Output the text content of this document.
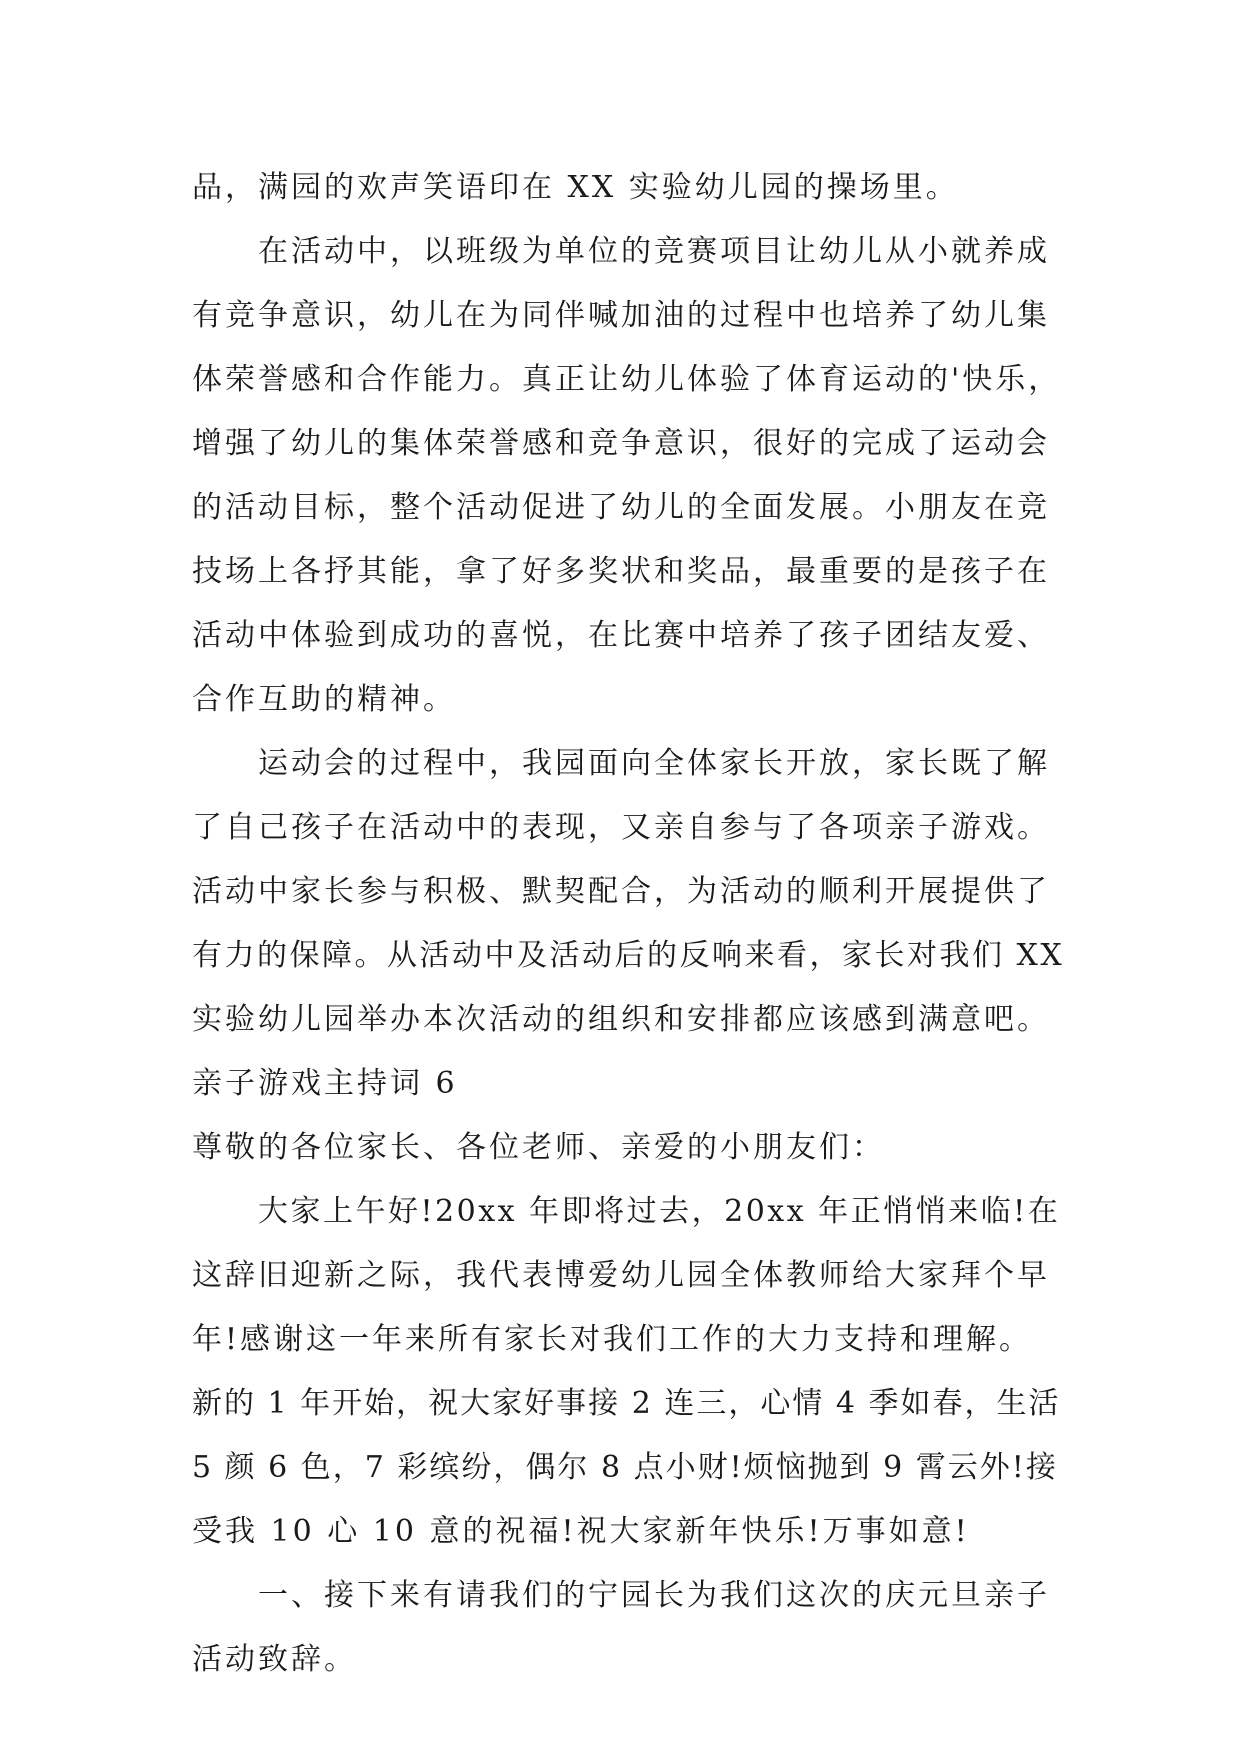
品，满园的欢声笑语印在 XX 实验幼儿园的操场里。
在活动中，以班级为单位的竞赛项目让幼儿从小就养成
有竞争意识，幼儿在为同伴喊加油的过程中也培养了幼儿集
体荣誉感和合作能力。真正让幼儿体验了体育运动的'快乐，
增强了幼儿的集体荣誉感和竞争意识，很好的完成了运动会
的活动目标，整个活动促进了幼儿的全面发展。小朋友在竞
技场上各抒其能，拿了好多奖状和奖品，最重要的是孩子在
活动中体验到成功的喜悦，在比赛中培养了孩子团结友爱、
合作互助的精神。
运动会的过程中，我园面向全体家长开放，家长既了解
了自己孩子在活动中的表现，又亲自参与了各项亲子游戏。
活动中家长参与积极、默契配合，为活动的顺利开展提供了
有力的保障。从活动中及活动后的反响来看，家长对我们 XX
实验幼儿园举办本次活动的组织和安排都应该感到满意吧。
亲子游戏主持词 6
尊敬的各位家长、各位老师、亲爱的小朋友们：
大家上午好!20xx 年即将过去，20xx 年正悄悄来临!在
这辞旧迎新之际，我代表博爱幼儿园全体教师给大家拜个早
年!感谢这一年来所有家长对我们工作的大力支持和理解。
新的 1 年开始，祝大家好事接 2 连三，心情 4 季如春，生活
5 颜 6 色，7 彩缤纷，偶尔 8 点小财!烦恼抛到 9 霄云外!接
受我 10 心 10 意的祝福!祝大家新年快乐!万事如意!
一、接下来有请我们的宁园长为我们这次的庆元旦亲子
活动致辞。
